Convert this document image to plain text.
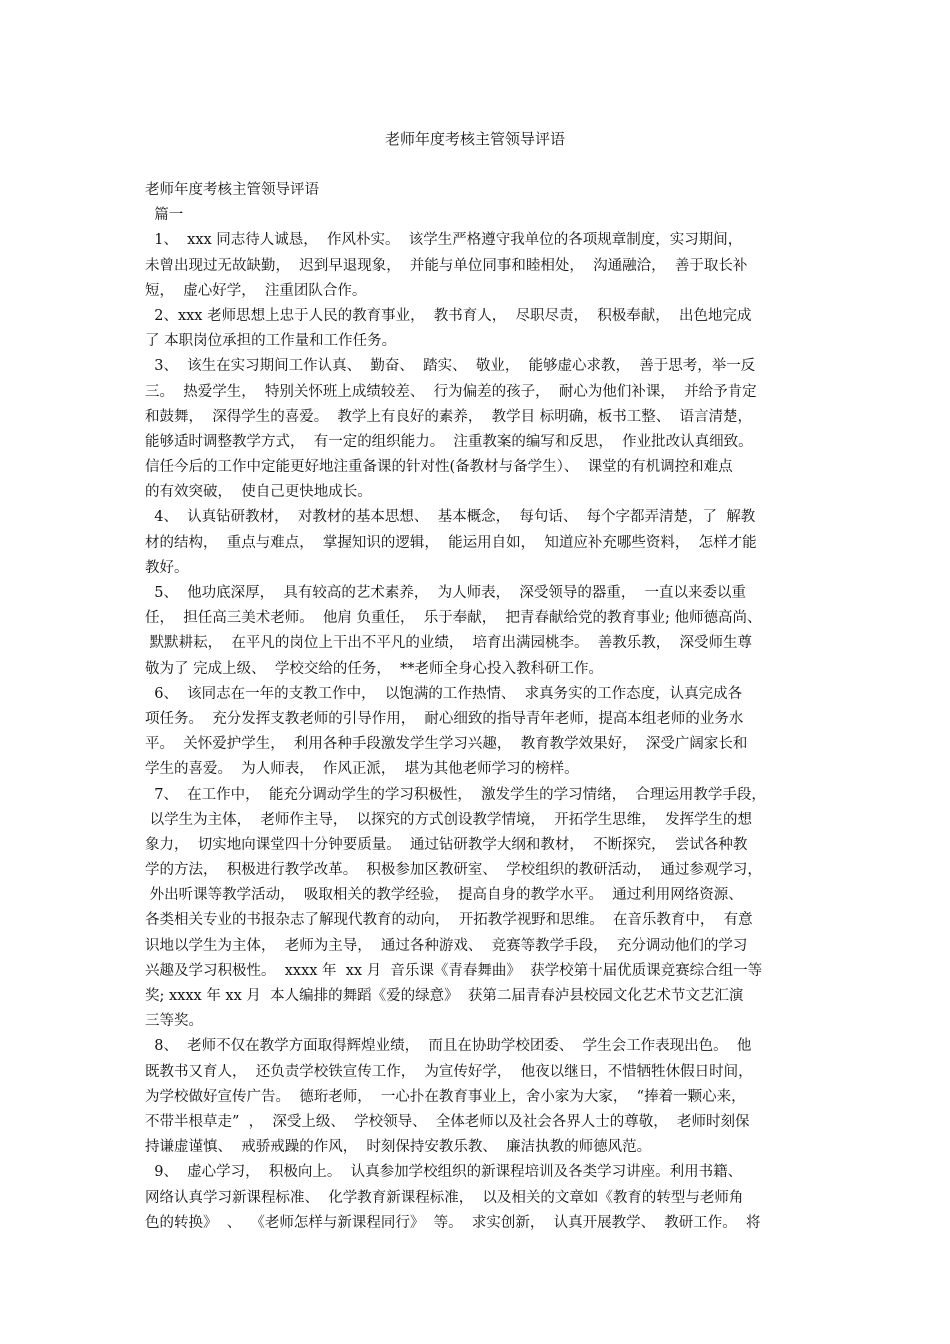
老师年度考核主管领导评语
老师年度考核主管领导评语
篇一
1、  xxx 同志待人诚恳，  作风朴实。  该学生严格遵守我单位的各项规章制度，实习期间，
未曾出现过无故缺勤，  迟到早退现象，  并能与单位同事和睦相处，  沟通融洽，  善于取长补
短，  虚心好学，  注重团队合作。
2、xxx 老师思想上忠于人民的教育事业，  教书育人，  尽职尽责，  积极奉献，  出色地完成
了 本职岗位承担的工作量和工作任务。
3、  该生在实习期间工作认真、  勤奋、  踏实、  敬业，  能够虚心求教，  善于思考，举一反
三。  热爱学生，  特别关怀班上成绩较差、  行为偏差的孩子，  耐心为他们补课，  并给予肯定
和鼓舞，  深得学生的喜爱。  教学上有良好的素养，  教学目 标明确，板书工整、  语言清楚，
能够适时调整教学方式，  有一定的组织能力。  注重教案的编写和反思，  作业批改认真细致。
信任今后的工作中定能更好地注重备课的针对性(备教材与备学生）、  课堂的有机调控和难点
的有效突破，  使自己更快地成长。
4、  认真钻研教材，  对教材的基本思想、  基本概念，  每句话、  每个字都弄清楚，了  解教
材的结构，  重点与难点，  掌握知识的逻辑，  能运用自如，  知道应补充哪些资料，  怎样才能
教好。
5、  他功底深厚，  具有较高的艺术素养，  为人师表，  深受领导的器重，  一直以来委以重
任，  担任高三美术老师。  他肩 负重任，  乐于奉献，  把青春献给党的教育事业; 他师德高尚、
默默耕耘，  在平凡的岗位上干出不平凡的业绩，  培育出满园桃李。  善教乐教，  深受师生尊
敬为了 完成上级、  学校交给的任务，  **老师全身心投入教科研工作。
6、  该同志在一年的支教工作中，  以饱满的工作热情、  求真务实的工作态度，认真完成各
项任务。  充分发挥支教老师的引导作用，  耐心细致的指导青年老师，提高本组老师的业务水
平。  关怀爱护学生，  利用各种手段激发学生学习兴趣，  教育教学效果好，  深受广阔家长和
学生的喜爱。  为人师表，  作风正派，  堪为其他老师学习的榜样。
7、  在工作中，  能充分调动学生的学习积极性，  激发学生的学习情绪，  合理运用教学手段，
以学生为主体，  老师作主导，  以探究的方式创设教学情境，  开拓学生思维，  发挥学生的想
象力，  切实地向课堂四十分钟要质量。  通过钻研教学大纲和教材，  不断探究，  尝试各种教
学的方法，  积极进行教学改革。  积极参加区教研室、  学校组织的教研活动，  通过参观学习，
外出听课等教学活动，  吸取相关的教学经验，  提高自身的教学水平。  通过利用网络资源、
各类相关专业的书报杂志了解现代教育的动向，  开拓教学视野和思维。  在音乐教育中，  有意
识地以学生为主体，  老师为主导，  通过各种游戏、  竞赛等教学手段，  充分调动他们的学习
兴趣及学习积极性。  xxxx 年  xx 月  音乐课《青春舞曲》  获学校第十届优质课竞赛综合组一等
奖; xxxx 年 xx 月  本人编排的舞蹈《爱的绿意》  获第二届青春泸县校园文化艺术节文艺汇演
三等奖。
8、  老师不仅在教学方面取得辉煌业绩，  而且在协助学校团委、  学生会工作表现出色。  他
既教书又育人，  还负责学校铁宣传工作，  为宣传好学，  他夜以继日，不惜牺牲休假日时间，
为学校做好宣传广告。  德珩老师，  一心扑在教育事业上，舍小家为大家，  “捧着一颗心来，
不带半根草走”  ，  深受上级、  学校领导、  全体老师以及社会各界人士的尊敬，  老师时刻保
持谦虚谨慎、  戒骄戒躁的作风，  时刻保持安教乐教、  廉洁执教的师德风范。
9、  虚心学习，  积极向上。  认真参加学校组织的新课程培训及各类学习讲座。利用书籍、
网络认真学习新课程标准、  化学教育新课程标准，  以及相关的文章如《教育的转型与老师角
色的转换》  、  《老师怎样与新课程同行》  等。  求实创新，  认真开展教学、  教研工作。  将
